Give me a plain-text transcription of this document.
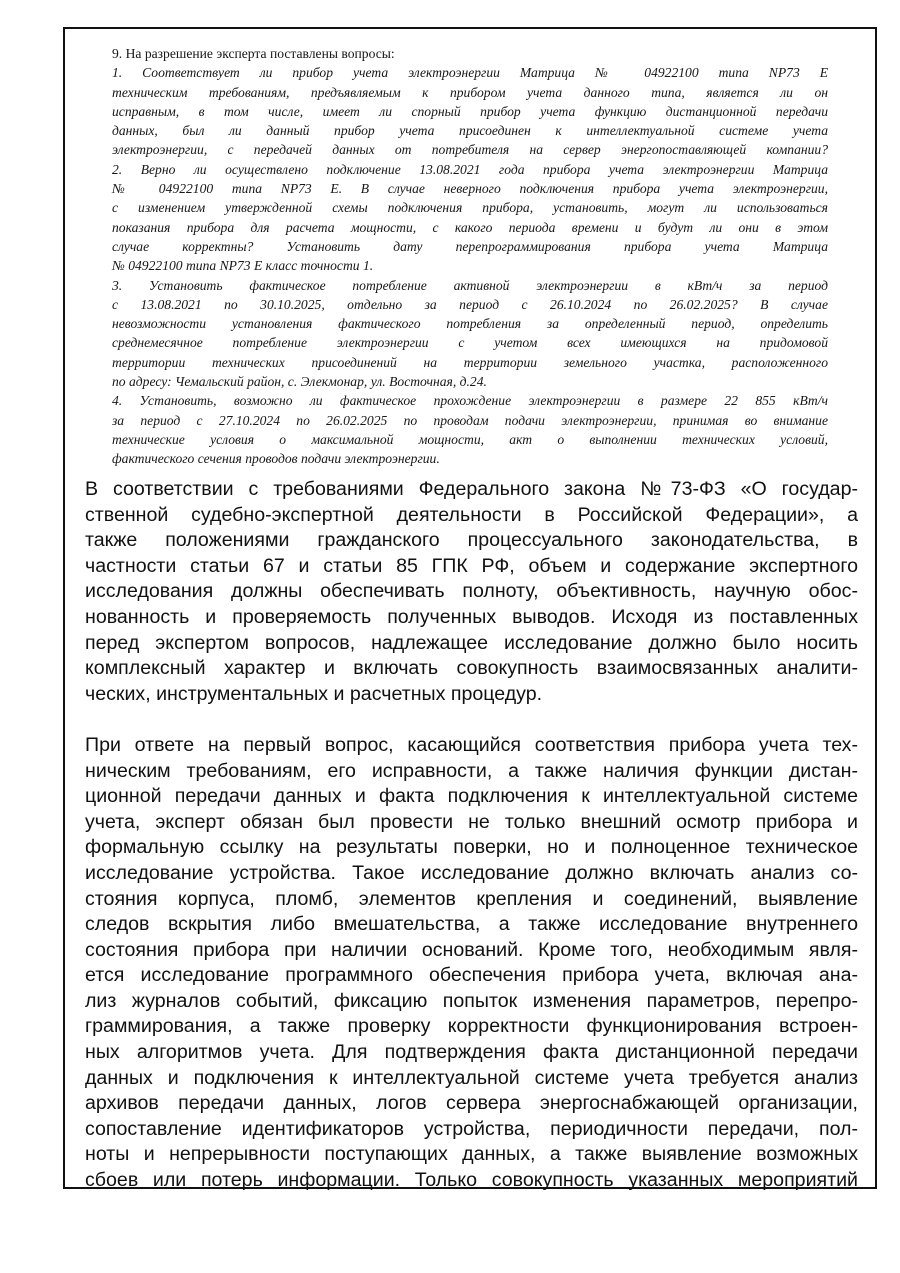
9. На разрешение эксперта поставлены вопросы:
1. Соответствует ли прибор учета электроэнергии Матрица № 04922100 типа NP73 Е
техническим требованиям, предъявляемым к прибором учета данного типа, является ли он
исправным, в том числе, имеет ли спорный прибор учета функцию дистанционной передачи
данных, был ли данный прибор учета присоединен к интеллектуальной системе учета
электроэнергии, с передачей данных от потребителя на сервер энергопоставляющей компании?
2. Верно ли осуществлено подключение 13.08.2021 года прибора учета электроэнергии Матрица
№ 04922100 типа NP73 Е. В случае неверного подключения прибора учета электроэнергии,
с изменением утвержденной схемы подключения прибора, установить, могут ли использоваться
показания прибора для расчета мощности, с какого периода времени и будут ли они в этом
случае корректны? Установить дату перепрограммирования прибора учета Матрица
№ 04922100 типа NP73 Е класс точности 1.
3. Установить фактическое потребление активной электроэнергии в кВт/ч за период
с 13.08.2021 по 30.10.2025, отдельно за период с 26.10.2024 по 26.02.2025? В случае
невозможности установления фактического потребления за определенный период, определить
среднемесячное потребление электроэнергии с учетом всех имеющихся на придомовой
территории технических присоединений на территории земельного участка, расположенного
по адресу: Чемальский район, с. Элекмонар, ул. Восточная, д.24.
4. Установить, возможно ли фактическое прохождение электроэнергии в размере 22 855 кВт/ч
за период с 27.10.2024 по 26.02.2025 по проводам подачи электроэнергии, принимая во внимание
технические условия о максимальной мощности, акт о выполнении технических условий,
фактического сечения проводов подачи электроэнергии.
В соответствии с требованиями Федерального закона №73-ФЗ «О государ-
ственной судебно-экспертной деятельности в Российской Федерации», а
также положениями гражданского процессуального законодательства, в
частности статьи 67 и статьи 85 ГПК РФ, объем и содержание экспертного
исследования должны обеспечивать полноту, объективность, научную обос-
нованность и проверяемость полученных выводов. Исходя из поставленных
перед экспертом вопросов, надлежащее исследование должно было носить
комплексный характер и включать совокупность взаимосвязанных аналити-
ческих, инструментальных и расчетных процедур.
При ответе на первый вопрос, касающийся соответствия прибора учета тех-
ническим требованиям, его исправности, а также наличия функции дистан-
ционной передачи данных и факта подключения к интеллектуальной системе
учета, эксперт обязан был провести не только внешний осмотр прибора и
формальную ссылку на результаты поверки, но и полноценное техническое
исследование устройства. Такое исследование должно включать анализ со-
стояния корпуса, пломб, элементов крепления и соединений, выявление
следов вскрытия либо вмешательства, а также исследование внутреннего
состояния прибора при наличии оснований. Кроме того, необходимым явля-
ется исследование программного обеспечения прибора учета, включая ана-
лиз журналов событий, фиксацию попыток изменения параметров, перепро-
граммирования, а также проверку корректности функционирования встроен-
ных алгоритмов учета. Для подтверждения факта дистанционной передачи
данных и подключения к интеллектуальной системе учета требуется анализ
архивов передачи данных, логов сервера энергоснабжающей организации,
сопоставление идентификаторов устройства, периодичности передачи, пол-
ноты и непрерывности поступающих данных, а также выявление возможных
сбоев или потерь информации. Только совокупность указанных мероприятий
